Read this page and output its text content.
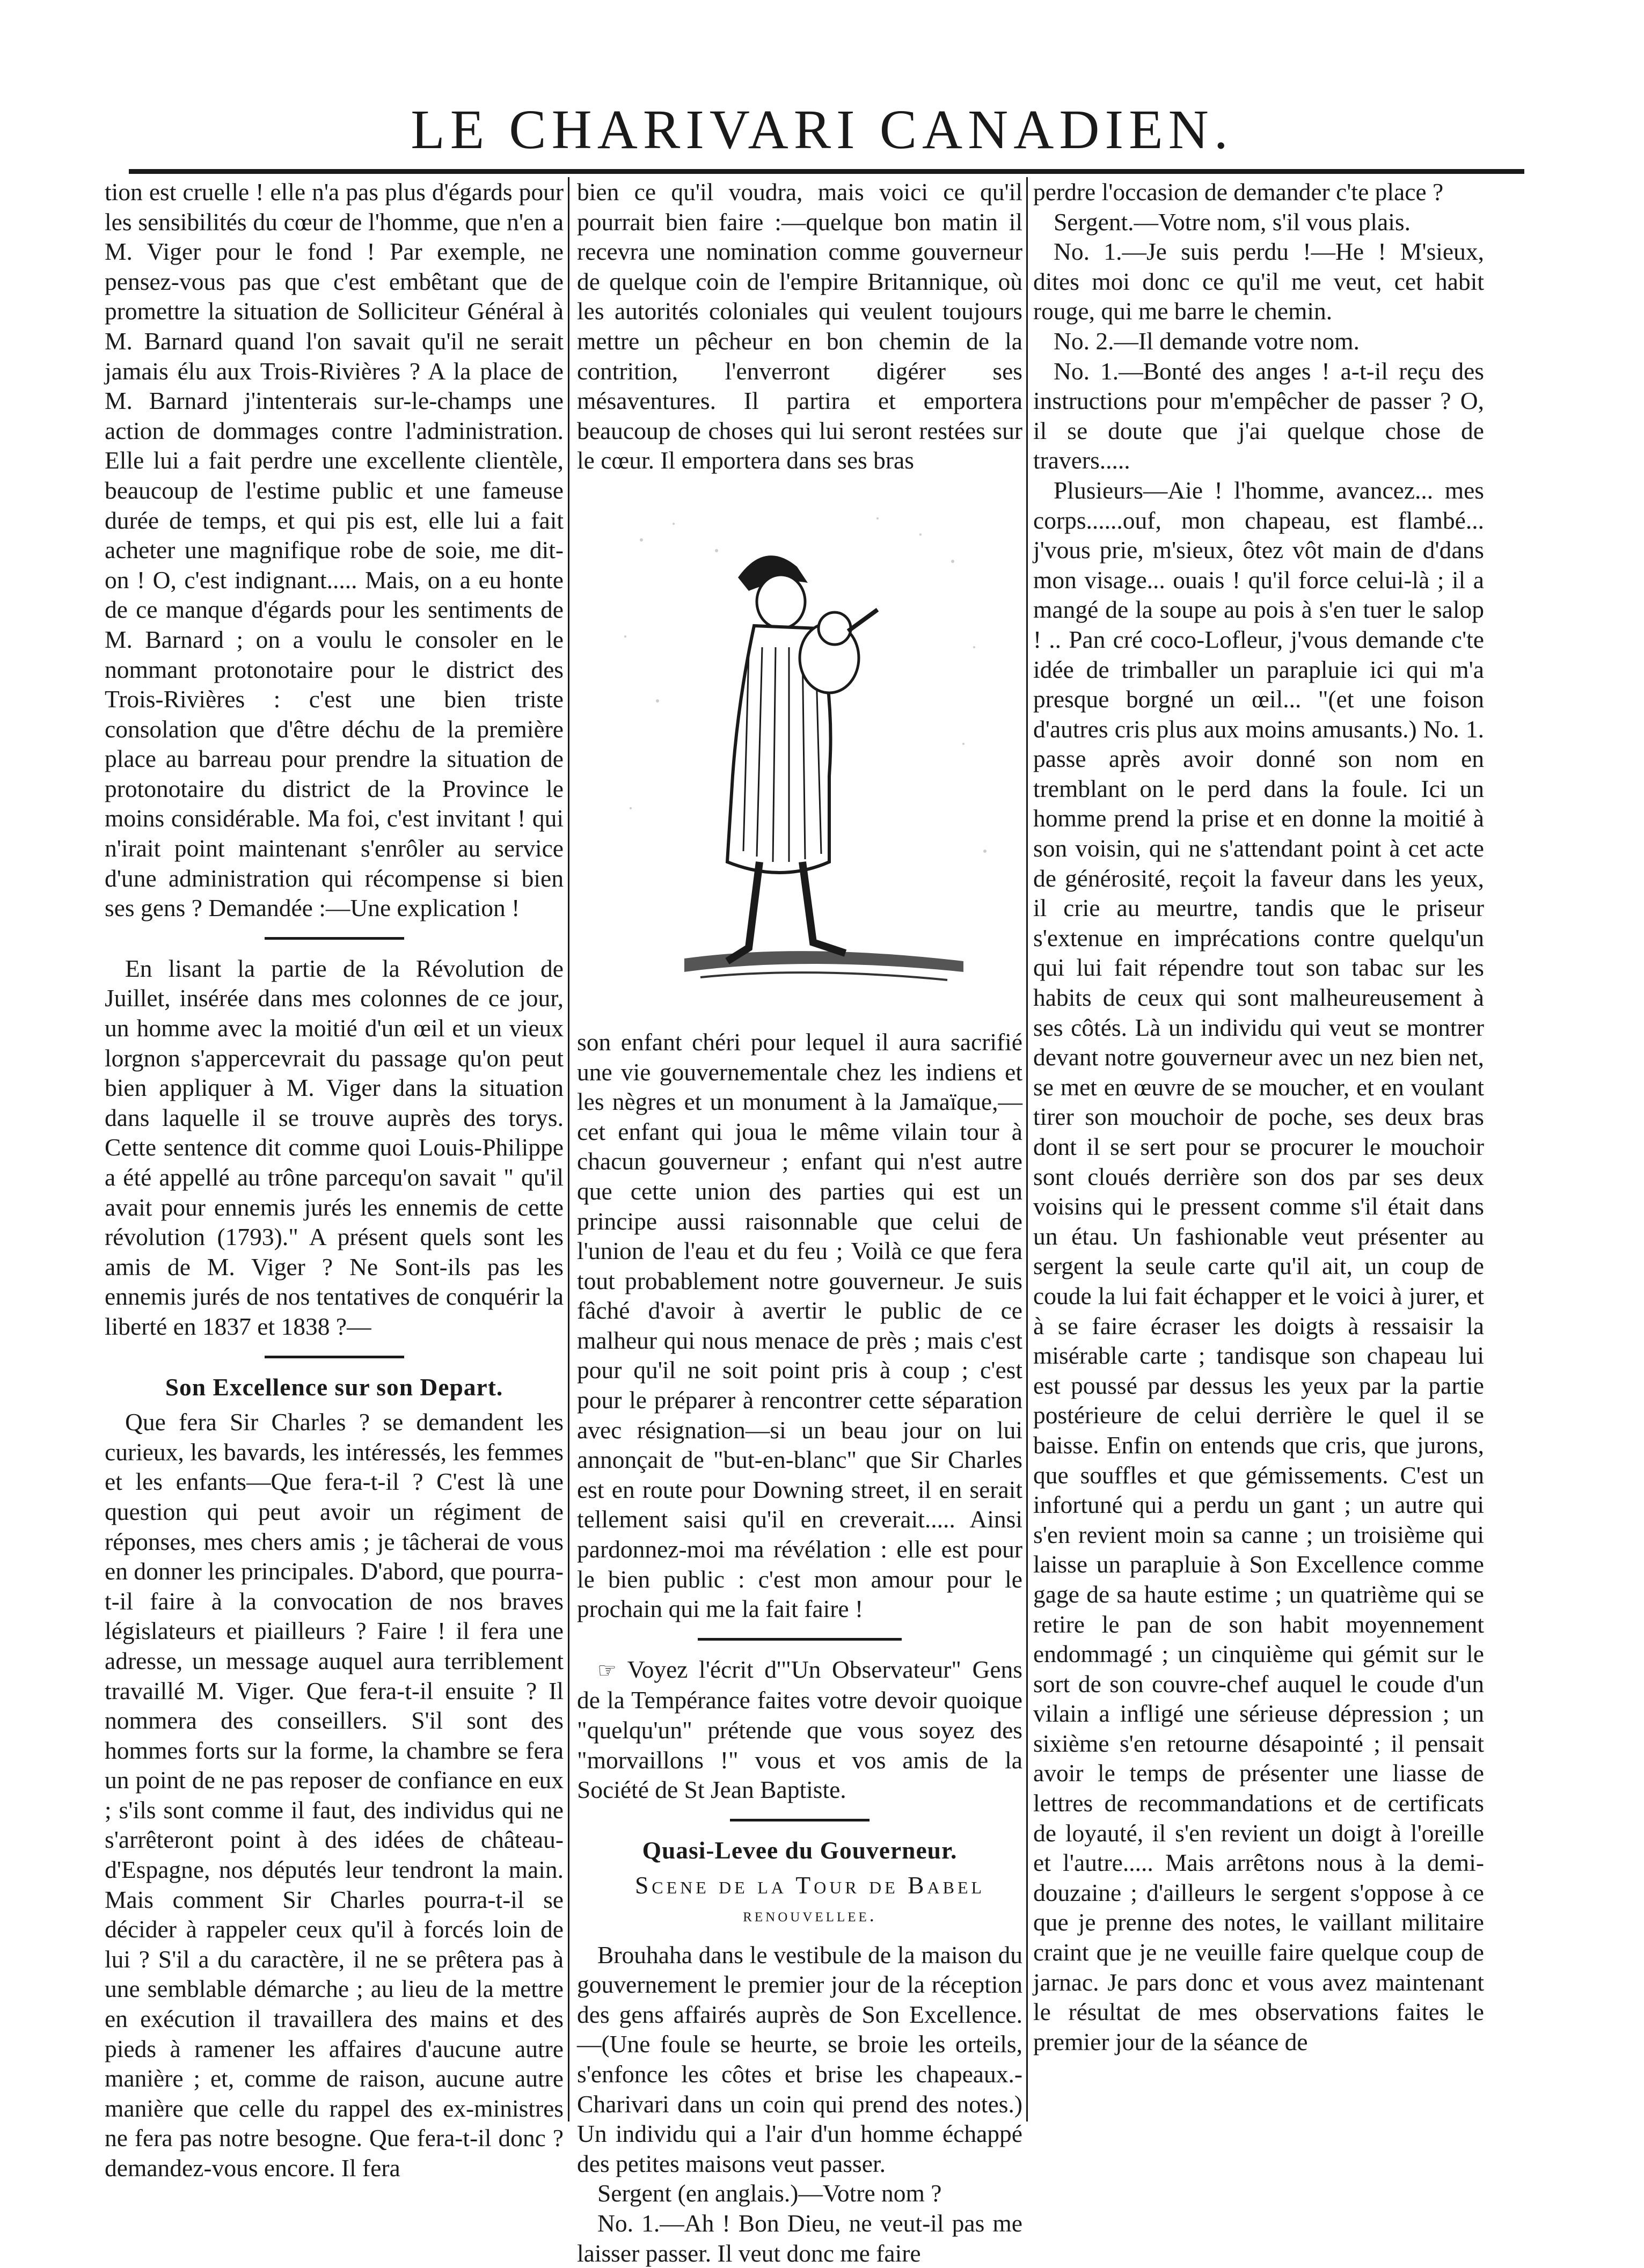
LE CHARIVARI CANADIEN.

tion est cruelle ! elle n'a pas plus d'égards pour les sensibilités du cœur de l'homme, que n'en a M. Viger pour le fond ! Par exemple, ne pensez-vous pas que c'est embêtant que de promettre la situation de Solliciteur Général à M. Barnard quand l'on savait qu'il ne serait jamais élu aux Trois-Rivières ? A la place de M. Barnard j'intenterais sur-le-champs une action de dommages contre l'administration. Elle lui a fait perdre une excellente clientèle, beaucoup de l'estime public et une fameuse durée de temps, et qui pis est, elle lui a fait acheter une magnifique robe de soie, me dit-on ! O, c'est indignant..... Mais, on a eu honte de ce manque d'égards pour les sentiments de M. Barnard ; on a voulu le consoler en le nommant protonotaire pour le district des Trois-Rivières : c'est une bien triste consolation que d'être déchu de la première place au barreau pour prendre la situation de protonotaire du district de la Province le moins considérable. Ma foi, c'est invitant ! qui n'irait point maintenant s'enrôler au service d'une administration qui récompense si bien ses gens ? Demandée :—Une explication !

En lisant la partie de la Révolution de Juillet, insérée dans mes colonnes de ce jour, un homme avec la moitié d'un œil et un vieux lorgnon s'appercevrait du passage qu'on peut bien appliquer à M. Viger dans la situation dans laquelle il se trouve auprès des torys. Cette sentence dit comme quoi Louis-Philippe a été appellé au trône parcequ'on savait " qu'il avait pour ennemis jurés les ennemis de cette révolution (1793)." A présent quels sont les amis de M. Viger ? Ne Sont-ils pas les ennemis jurés de nos tentatives de conquérir la liberté en 1837 et 1838 ?—

Son Excellence sur son Depart.

Que fera Sir Charles ? se demandent les curieux, les bavards, les intéressés, les femmes et les enfants—Que fera-t-il ? C'est là une question qui peut avoir un régiment de réponses, mes chers amis ; je tâcherai de vous en donner les principales. D'abord, que pourra-t-il faire à la convocation de nos braves législateurs et piailleurs ? Faire ! il fera une adresse, un message auquel aura terriblement travaillé M. Viger. Que fera-t-il ensuite ? Il nommera des conseillers. S'il sont des hommes forts sur la forme, la chambre se fera un point de ne pas reposer de confiance en eux ; s'ils sont comme il faut, des individus qui ne s'arrêteront point à des idées de château-d'Espagne, nos députés leur tendront la main. Mais comment Sir Charles pourra-t-il se décider à rappeler ceux qu'il à forcés loin de lui ? S'il a du caractère, il ne se prêtera pas à une semblable démarche ; au lieu de la mettre en exécution il travaillera des mains et des pieds à ramener les affaires d'aucune autre manière ; et, comme de raison, aucune autre manière que celle du rappel des ex-ministres ne fera pas notre besogne. Que fera-t-il donc ? demandez-vous encore. Il fera

bien ce qu'il voudra, mais voici ce qu'il pourrait bien faire :—quelque bon matin il recevra une nomination comme gouverneur de quelque coin de l'empire Britannique, où les autorités coloniales qui veulent toujours mettre un pêcheur en bon chemin de la contrition, l'enverront digérer ses mésaventures. Il partira et emportera beaucoup de choses qui lui seront restées sur le cœur. Il emportera dans ses bras

son enfant chéri pour lequel il aura sacrifié une vie gouvernementale chez les indiens et les nègres et un monument à la Jamaïque,—cet enfant qui joua le même vilain tour à chacun gouverneur ; enfant qui n'est autre que cette union des parties qui est un principe aussi raisonnable que celui de l'union de l'eau et du feu ; Voilà ce que fera tout probablement notre gouverneur. Je suis fâché d'avoir à avertir le public de ce malheur qui nous menace de près ; mais c'est pour qu'il ne soit point pris à coup ; c'est pour le préparer à rencontrer cette séparation avec résignation—si un beau jour on lui annonçait de "but-en-blanc" que Sir Charles est en route pour Downing street, il en serait tellement saisi qu'il en creverait..... Ainsi pardonnez-moi ma révélation : elle est pour le bien public : c'est mon amour pour le prochain qui me la fait faire !

☞ Voyez l'écrit d'"Un Observateur" Gens de la Tempérance faites votre devoir quoique "quelqu'un" prétende que vous soyez des "morvaillons !" vous et vos amis de la Société de St Jean Baptiste.

Quasi-Levee du Gouverneur.

Scene de la Tour de Babel

renouvellee.

Brouhaha dans le vestibule de la maison du gouvernement le premier jour de la réception des gens affairés auprès de Son Excellence.—(Une foule se heurte, se broie les orteils, s'enfonce les côtes et brise les chapeaux.-Charivari dans un coin qui prend des notes.) Un individu qui a l'air d'un homme échappé des petites maisons veut passer.

Sergent (en anglais.)—Votre nom ?

No. 1.—Ah ! Bon Dieu, ne veut-il pas me laisser passer. Il veut donc me faire

perdre l'occasion de demander c'te place ?

Sergent.—Votre nom, s'il vous plais.

No. 1.—Je suis perdu !—He ! M'sieux, dites moi donc ce qu'il me veut, cet habit rouge, qui me barre le chemin.

No. 2.—Il demande votre nom.

No. 1.—Bonté des anges ! a-t-il reçu des instructions pour m'empêcher de passer ? O, il se doute que j'ai quelque chose de travers.....

Plusieurs—Aie ! l'homme, avancez... mes corps......ouf, mon chapeau, est flambé... j'vous prie, m'sieux, ôtez vôt main de d'dans mon visage... ouais ! qu'il force celui-là ; il a mangé de la soupe au pois à s'en tuer le salop ! .. Pan cré coco-Lofleur, j'vous demande c'te idée de trimballer un parapluie ici qui m'a presque borgné un œil... "(et une foison d'autres cris plus aux moins amusants.) No. 1. passe après avoir donné son nom en tremblant on le perd dans la foule. Ici un homme prend la prise et en donne la moitié à son voisin, qui ne s'attendant point à cet acte de générosité, reçoit la faveur dans les yeux, il crie au meurtre, tandis que le priseur s'extenue en imprécations contre quelqu'un qui lui fait répendre tout son tabac sur les habits de ceux qui sont malheureusement à ses côtés. Là un individu qui veut se montrer devant notre gouverneur avec un nez bien net, se met en œuvre de se moucher, et en voulant tirer son mouchoir de poche, ses deux bras dont il se sert pour se procurer le mouchoir sont cloués derrière son dos par ses deux voisins qui le pressent comme s'il était dans un étau. Un fashionable veut présenter au sergent la seule carte qu'il ait, un coup de coude la lui fait échapper et le voici à jurer, et à se faire écraser les doigts à ressaisir la misérable carte ; tandisque son chapeau lui est poussé par dessus les yeux par la partie postérieure de celui derrière le quel il se baisse. Enfin on entends que cris, que jurons, que souffles et que gémissements. C'est un infortuné qui a perdu un gant ; un autre qui s'en revient moin sa canne ; un troisième qui laisse un parapluie à Son Excellence comme gage de sa haute estime ; un quatrième qui se retire le pan de son habit moyennement endommagé ; un cinquième qui gémit sur le sort de son couvre-chef auquel le coude d'un vilain a infligé une sérieuse dépression ; un sixième s'en retourne désapointé ; il pensait avoir le temps de présenter une liasse de lettres de recommandations et de certificats de loyauté, il s'en revient un doigt à l'oreille et l'autre..... Mais arrêtons nous à la demi-douzaine ; d'ailleurs le sergent s'oppose à ce que je prenne des notes, le vaillant militaire craint que je ne veuille faire quelque coup de jarnac. Je pars donc et vous avez maintenant le résultat de mes observations faites le premier jour de la séance de
